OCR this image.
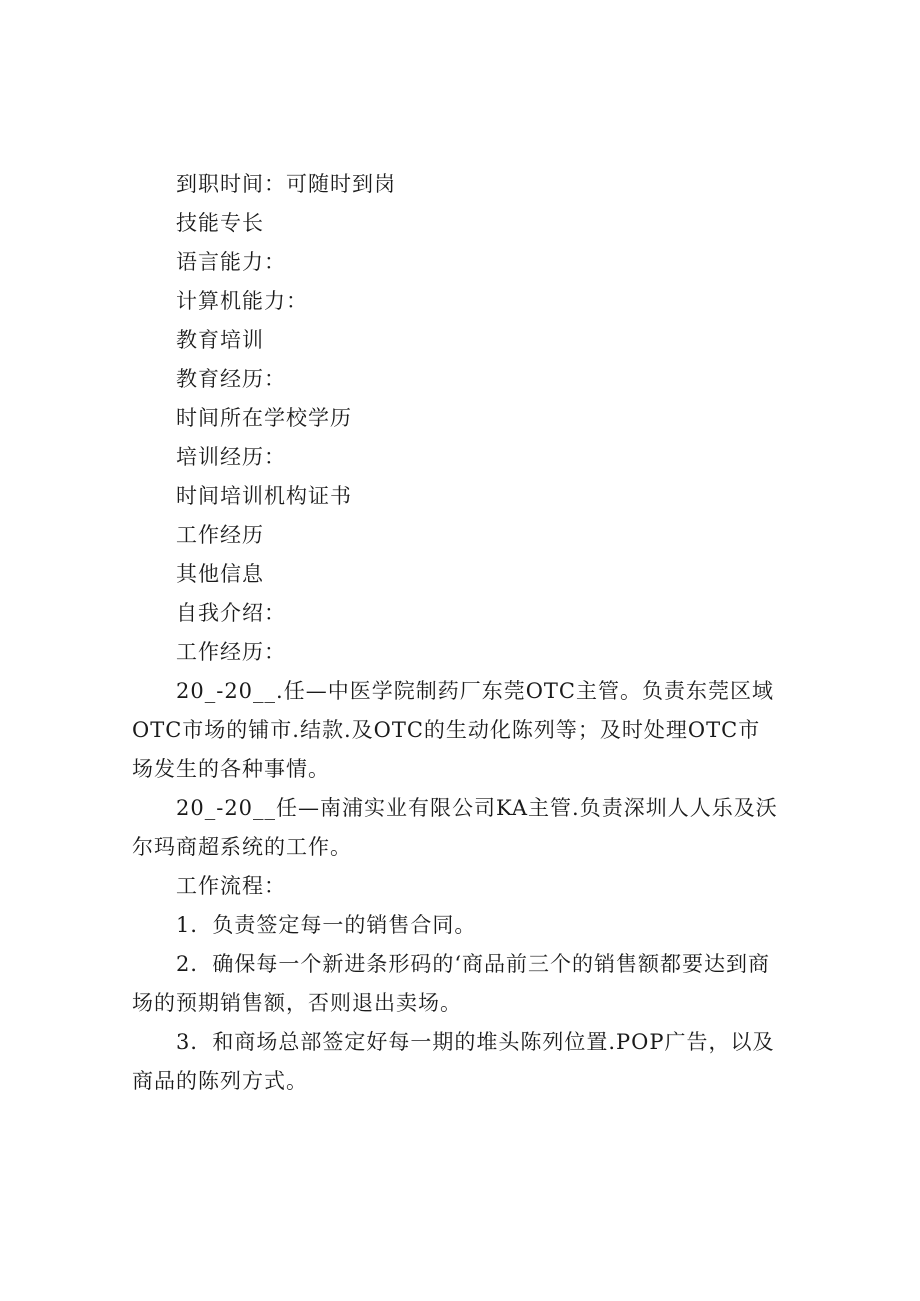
到职时间：可随时到岗

技能专长

语言能力：

计算机能力：

教育培训

教育经历：

时间所在学校学历

培训经历：

时间培训机构证书

工作经历

其他信息

自我介绍：

工作经历：

20_-20__.任—中医学院制药厂东莞OTC主管。负责东莞区域OTC市场的铺市.结款.及OTC的生动化陈列等；及时处理OTC市场发生的各种事情。

20_-20__任—南浦实业有限公司KA主管.负责深圳人人乐及沃尔玛商超系统的工作。

工作流程：

1．负责签定每一的销售合同。

2．确保每一个新进条形码的‘商品前三个的销售额都要达到商场的预期销售额，否则退出卖场。

3．和商场总部签定好每一期的堆头陈列位置.POP广告，以及商品的陈列方式。
